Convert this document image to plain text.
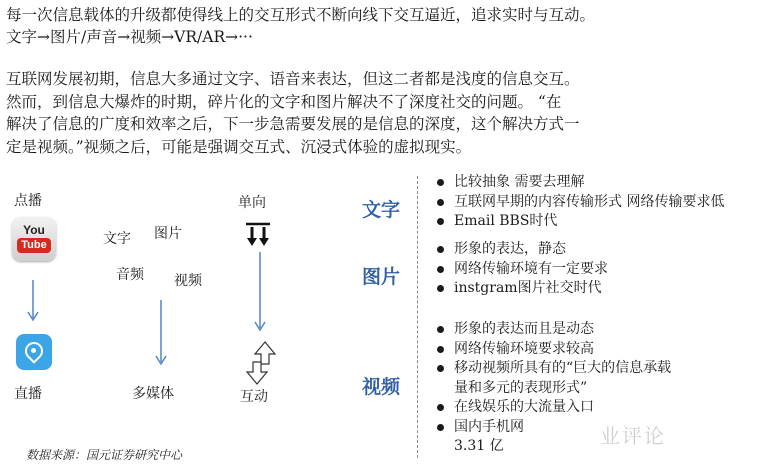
每一次信息载体的升级都使得线上的交互形式不断向线下交互逼近，追求实时与互动。
文字→图片/声音→视频→VR/AR→···
互联网发展初期，信息大多通过文字、语音来表达，但这二者都是浅度的信息交互。
然而，到信息大爆炸的时期，碎片化的文字和图片解决不了深度社交的问题。 “在
解决了信息的广度和效率之后，下一步急需要发展的是信息的深度，这个解决方式一
定是视频。”视频之后，可能是强调交互式、沉浸式体验的虚拟现实。
点播
You
Tube
直播
文字 图片
音频 视频
多媒体
单向
互动
文字
图片
视频
比较抽象 需要去理解
互联网早期的内容传输形式 网络传输要求低
Email BBS时代
形象的表达，静态
网络传输环境有一定要求
instgram图片社交时代
形象的表达而且是动态
网络传输环境要求较高
移动视频所具有的“巨大的信息承载
量和多元的表现形式”
在线娱乐的大流量入口
国内手机网
3.31 亿	业评论
数据来源：国元证券研究中心
